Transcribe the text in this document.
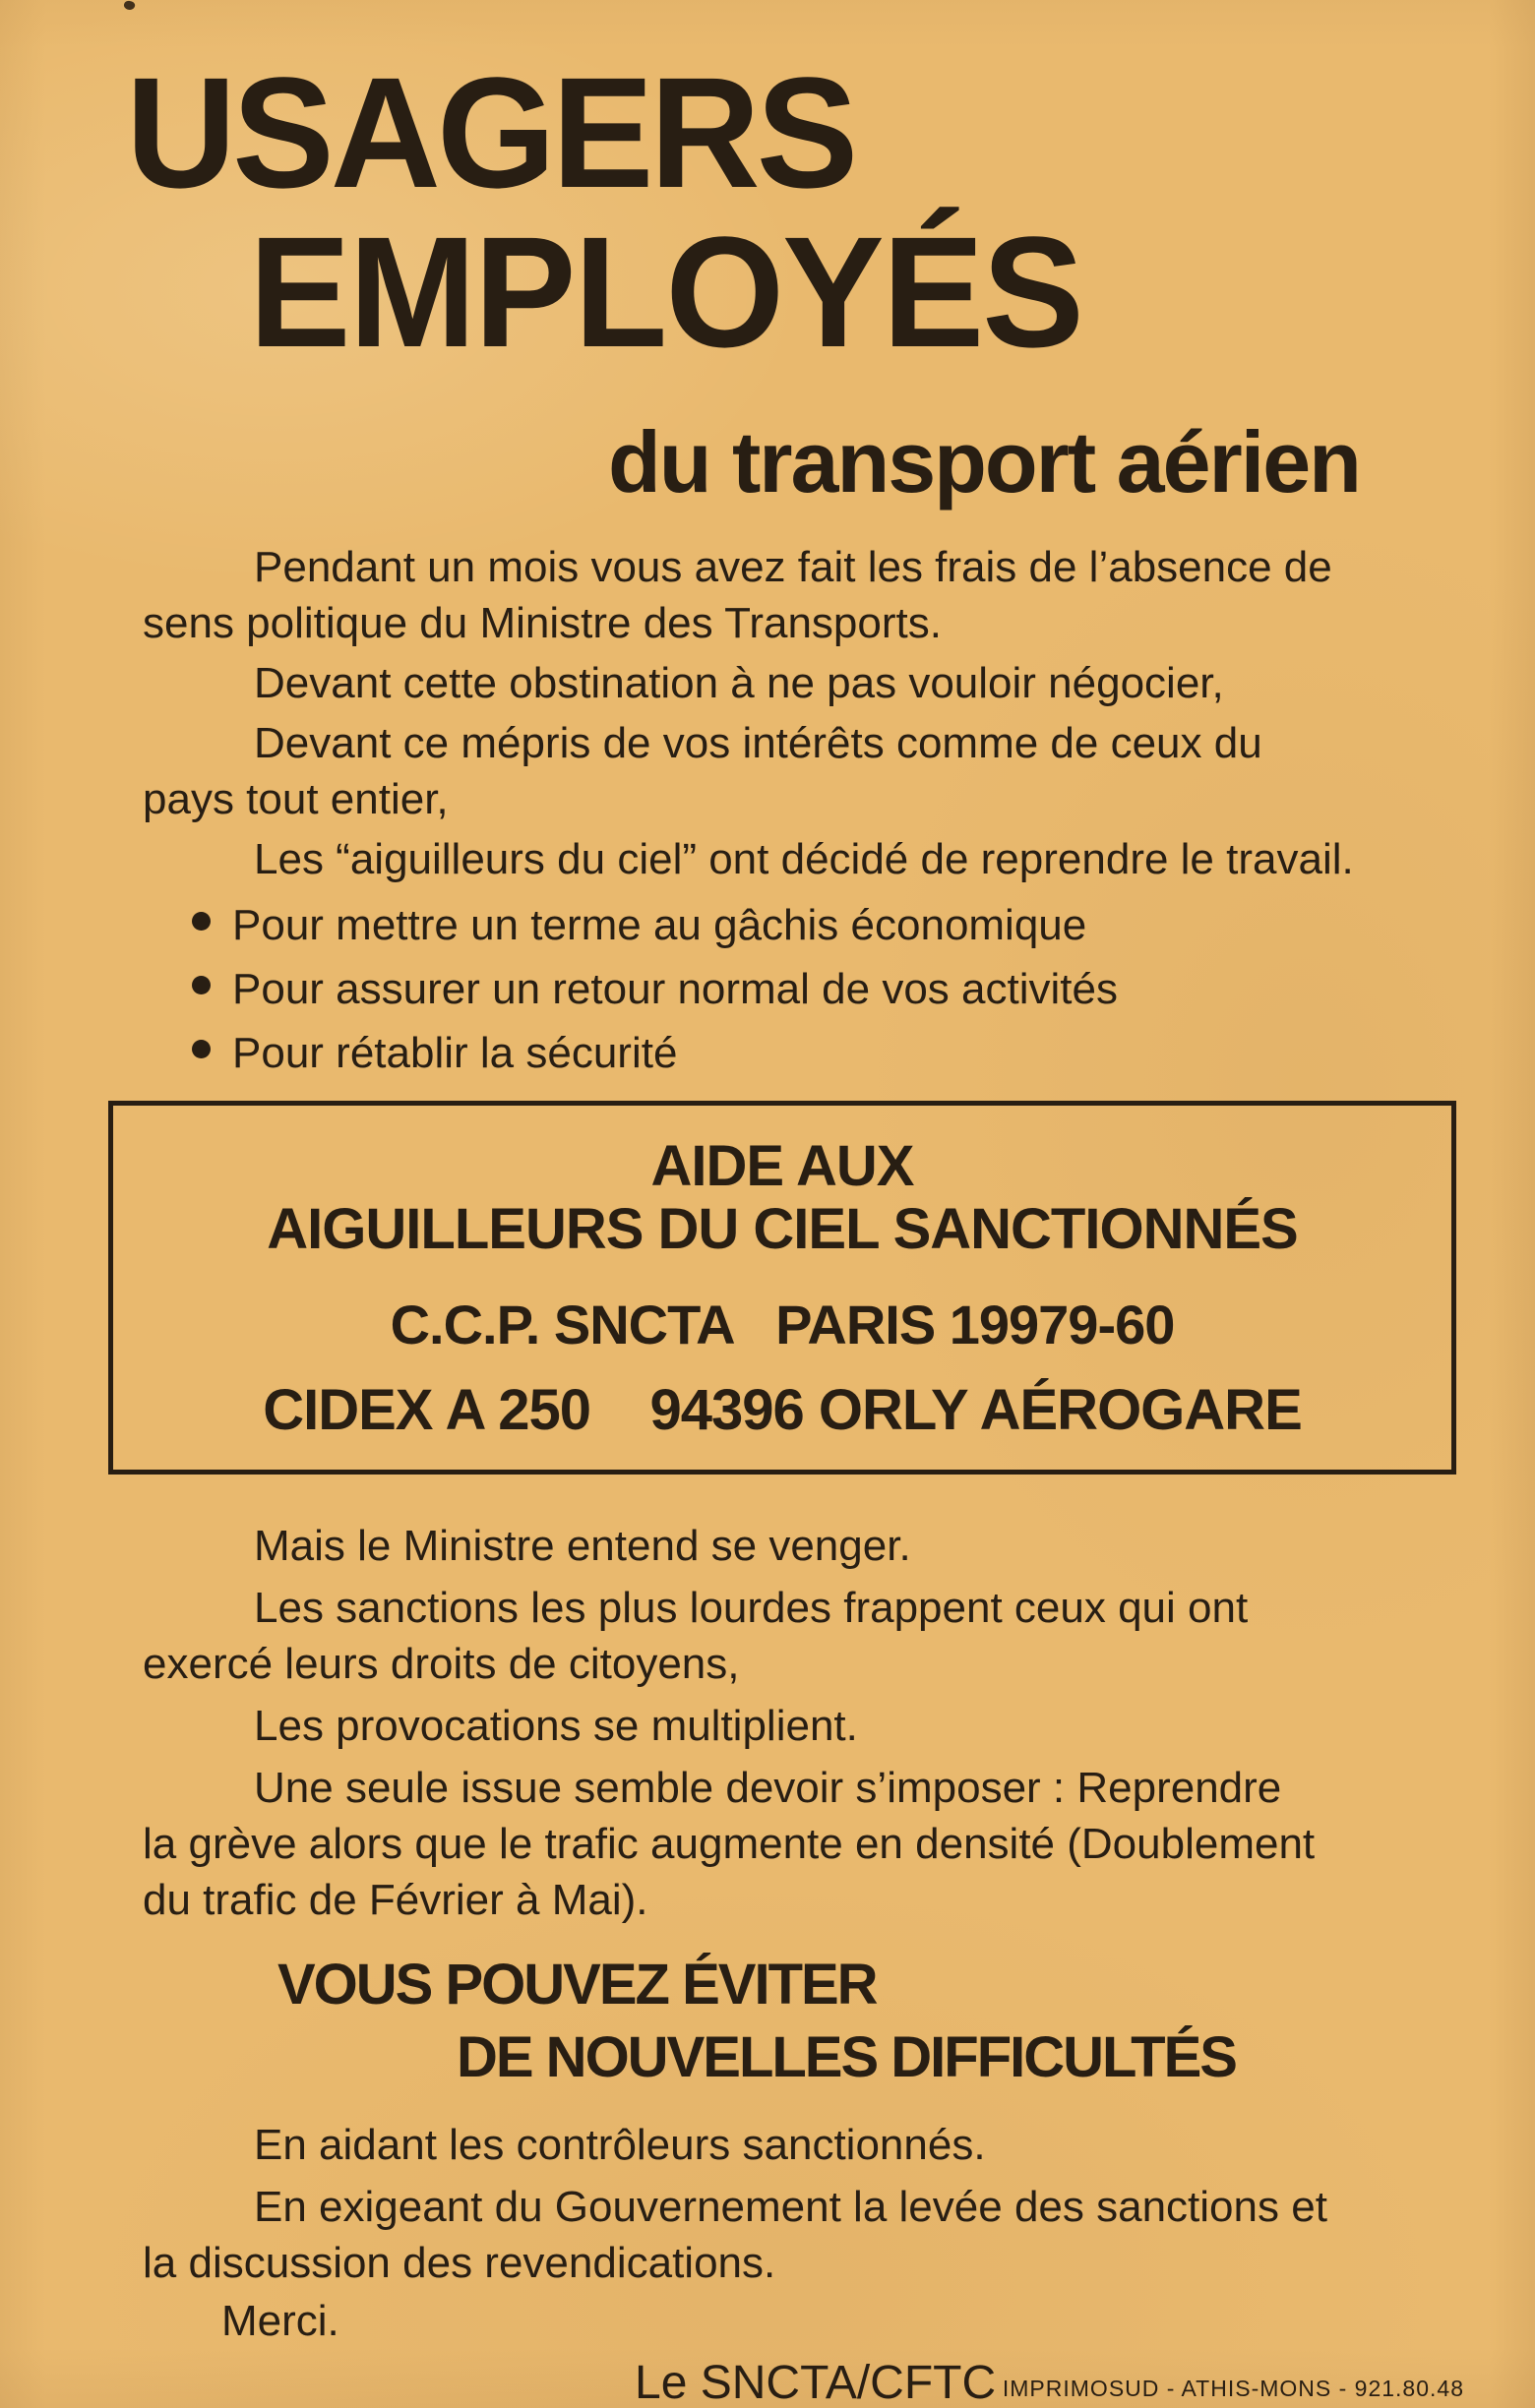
USAGERS
EMPLOYÉS
du transport aérien

Pendant un mois vous avez fait les frais de l’absence de
sens politique du Ministre des Transports.

Devant cette obstination à ne pas vouloir négocier,

Devant ce mépris de vos intérêts comme de ceux du
pays tout entier,

Les “aiguilleurs du ciel” ont décidé de reprendre le travail.

Pour mettre un terme au gâchis économique
Pour assurer un retour normal de vos activités
Pour rétablir la sécurité
AIDE AUX
AIGUILLEURS DU CIEL SANCTIONNÉS
C.C.P. SNCTA   PARIS 19979-60
CIDEX A 250    94396 ORLY AÉROGARE

Mais le Ministre entend se venger.

Les sanctions les plus lourdes frappent ceux qui ont
exercé leurs droits de citoyens,

Les provocations se multiplient.

Une seule issue semble devoir s’imposer : Reprendre
la grève alors que le trafic augmente en densité (Doublement
du trafic de Février à Mai).

VOUS POUVEZ ÉVITER
DE NOUVELLES DIFFICULTÉS

En aidant les contrôleurs sanctionnés.

En exigeant du Gouvernement la levée des sanctions et
la discussion des revendications.

Merci.
Le SNCTA/CFTC IMPRIMOSUD - ATHIS-MONS - 921.80.48
